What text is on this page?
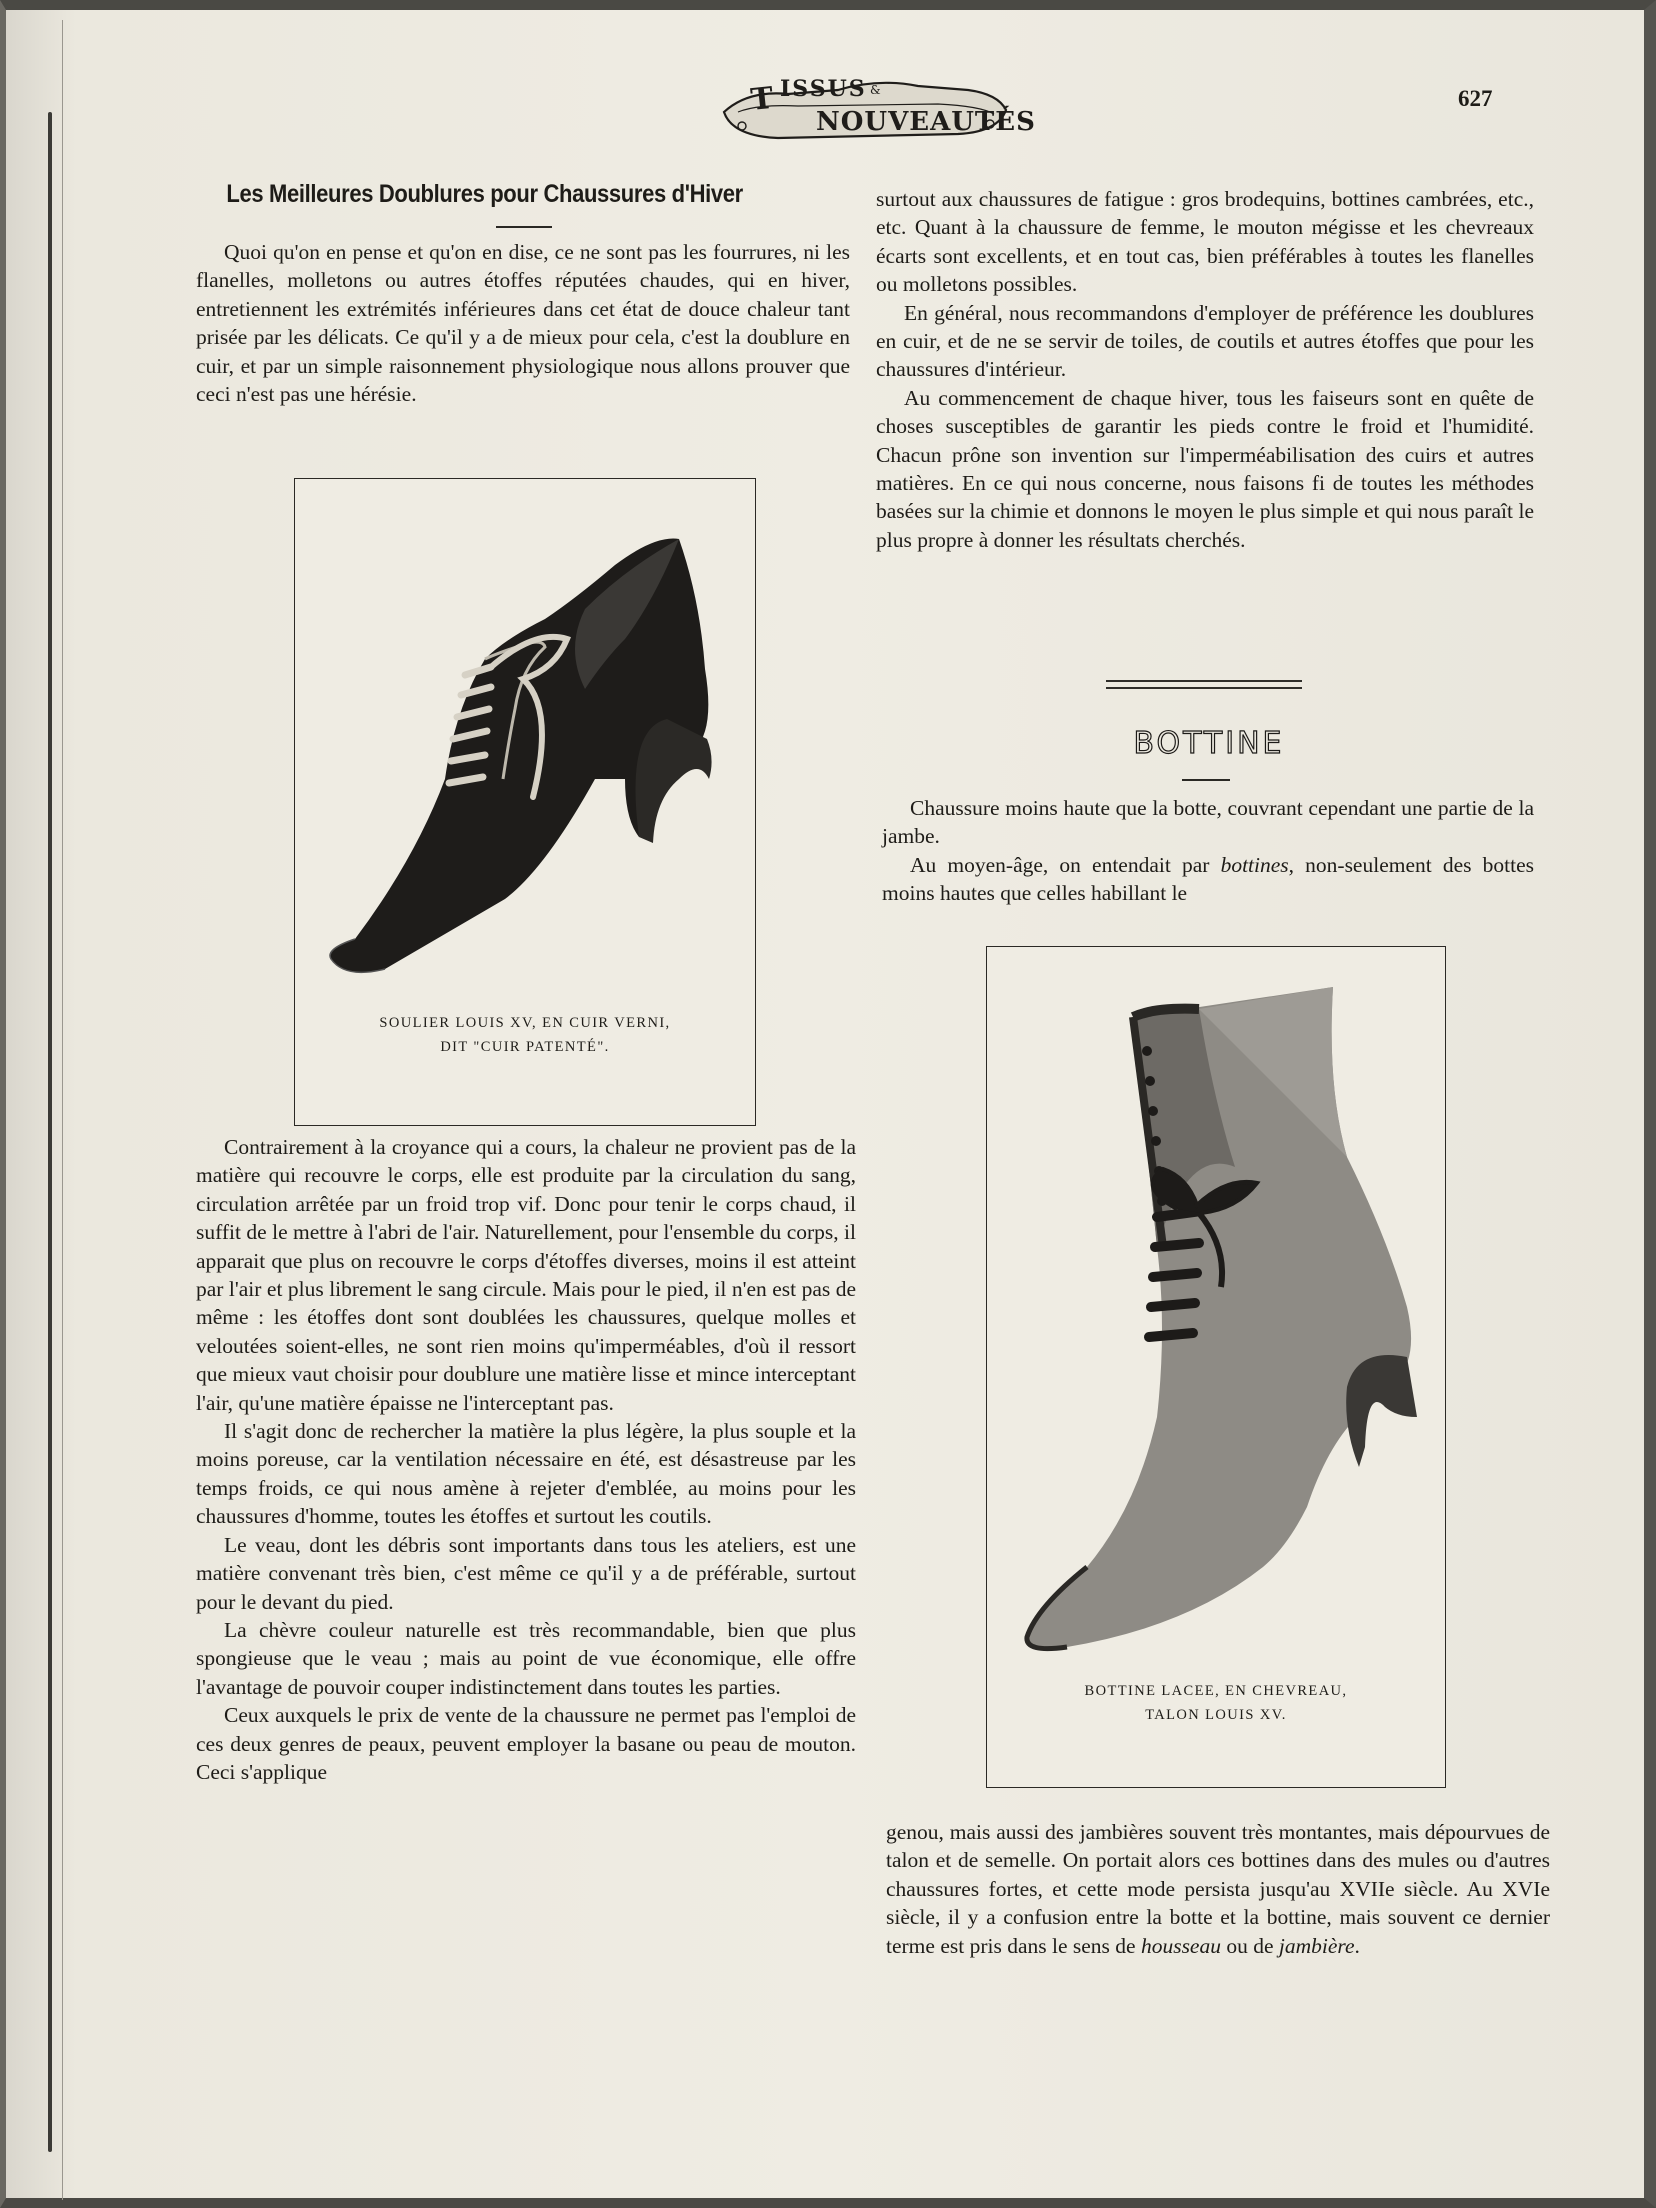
T ISSUS &
NOUVEAUTÉS
627
Les Meilleures Doublures pour Chaussures d'Hiver

Quoi qu'on en pense et qu'on en dise, ce ne sont pas les fourrures, ni les flanelles, molletons ou autres étoffes réputées chaudes, qui en hiver, entretiennent les extrémités inférieures dans cet état de douce chaleur tant prisée par les délicats. Ce qu'il y a de mieux pour cela, c'est la doublure en cuir, et par un simple raisonnement physiologique nous allons prouver que ceci n'est pas une hérésie.

SOULIER LOUIS XV, EN CUIR VERNI,
DIT "CUIR PATENTÉ".

Contrairement à la croyance qui a cours, la chaleur ne provient pas de la matière qui recouvre le corps, elle est produite par la circulation du sang, circulation arrêtée par un froid trop vif. Donc pour tenir le corps chaud, il suffit de le mettre à l'abri de l'air. Naturellement, pour l'ensemble du corps, il apparait que plus on recouvre le corps d'étoffes diverses, moins il est atteint par l'air et plus librement le sang circule. Mais pour le pied, il n'en est pas de même : les étoffes dont sont doublées les chaussures, quelque molles et veloutées soient-elles, ne sont rien moins qu'imperméables, d'où il ressort que mieux vaut choisir pour doublure une matière lisse et mince interceptant l'air, qu'une matière épaisse ne l'interceptant pas.

Il s'agit donc de rechercher la matière la plus légère, la plus souple et la moins poreuse, car la ventilation nécessaire en été, est désastreuse par les temps froids, ce qui nous amène à rejeter d'emblée, au moins pour les chaussures d'homme, toutes les étoffes et surtout les coutils.

Le veau, dont les débris sont importants dans tous les ateliers, est une matière convenant très bien, c'est même ce qu'il y a de préférable, surtout pour le devant du pied.

La chèvre couleur naturelle est très recommandable, bien que plus spongieuse que le veau ; mais au point de vue économique, elle offre l'avantage de pouvoir couper indistinctement dans toutes les parties.

Ceux auxquels le prix de vente de la chaussure ne permet pas l'emploi de ces deux genres de peaux, peuvent employer la basane ou peau de mouton. Ceci s'applique

surtout aux chaussures de fatigue : gros brodequins, bottines cambrées, etc., etc. Quant à la chaussure de femme, le mouton mégisse et les chevreaux écarts sont excellents, et en tout cas, bien préférables à toutes les flanelles ou molletons possibles.

En général, nous recommandons d'employer de préférence les doublures en cuir, et de ne se servir de toiles, de coutils et autres étoffes que pour les chaussures d'intérieur.

Au commencement de chaque hiver, tous les faiseurs sont en quête de choses susceptibles de garantir les pieds contre le froid et l'humidité. Chacun prône son invention sur l'imperméabilisation des cuirs et autres matières. En ce qui nous concerne, nous faisons fi de toutes les méthodes basées sur la chimie et donnons le moyen le plus simple et qui nous paraît le plus propre à donner les résultats cherchés.

BOTTINE

Chaussure moins haute que la botte, couvrant cependant une partie de la jambe.

Au moyen-âge, on entendait par bottines, non-seulement des bottes moins hautes que celles habillant le

BOTTINE LACEE, EN CHEVREAU,
TALON LOUIS XV.

genou, mais aussi des jambières souvent très montantes, mais dépourvues de talon et de semelle. On portait alors ces bottines dans des mules ou d'autres chaussures fortes, et cette mode persista jusqu'au XVIIe siècle. Au XVIe siècle, il y a confusion entre la botte et la bottine, mais souvent ce dernier terme est pris dans le sens de housseau ou de jambière.
